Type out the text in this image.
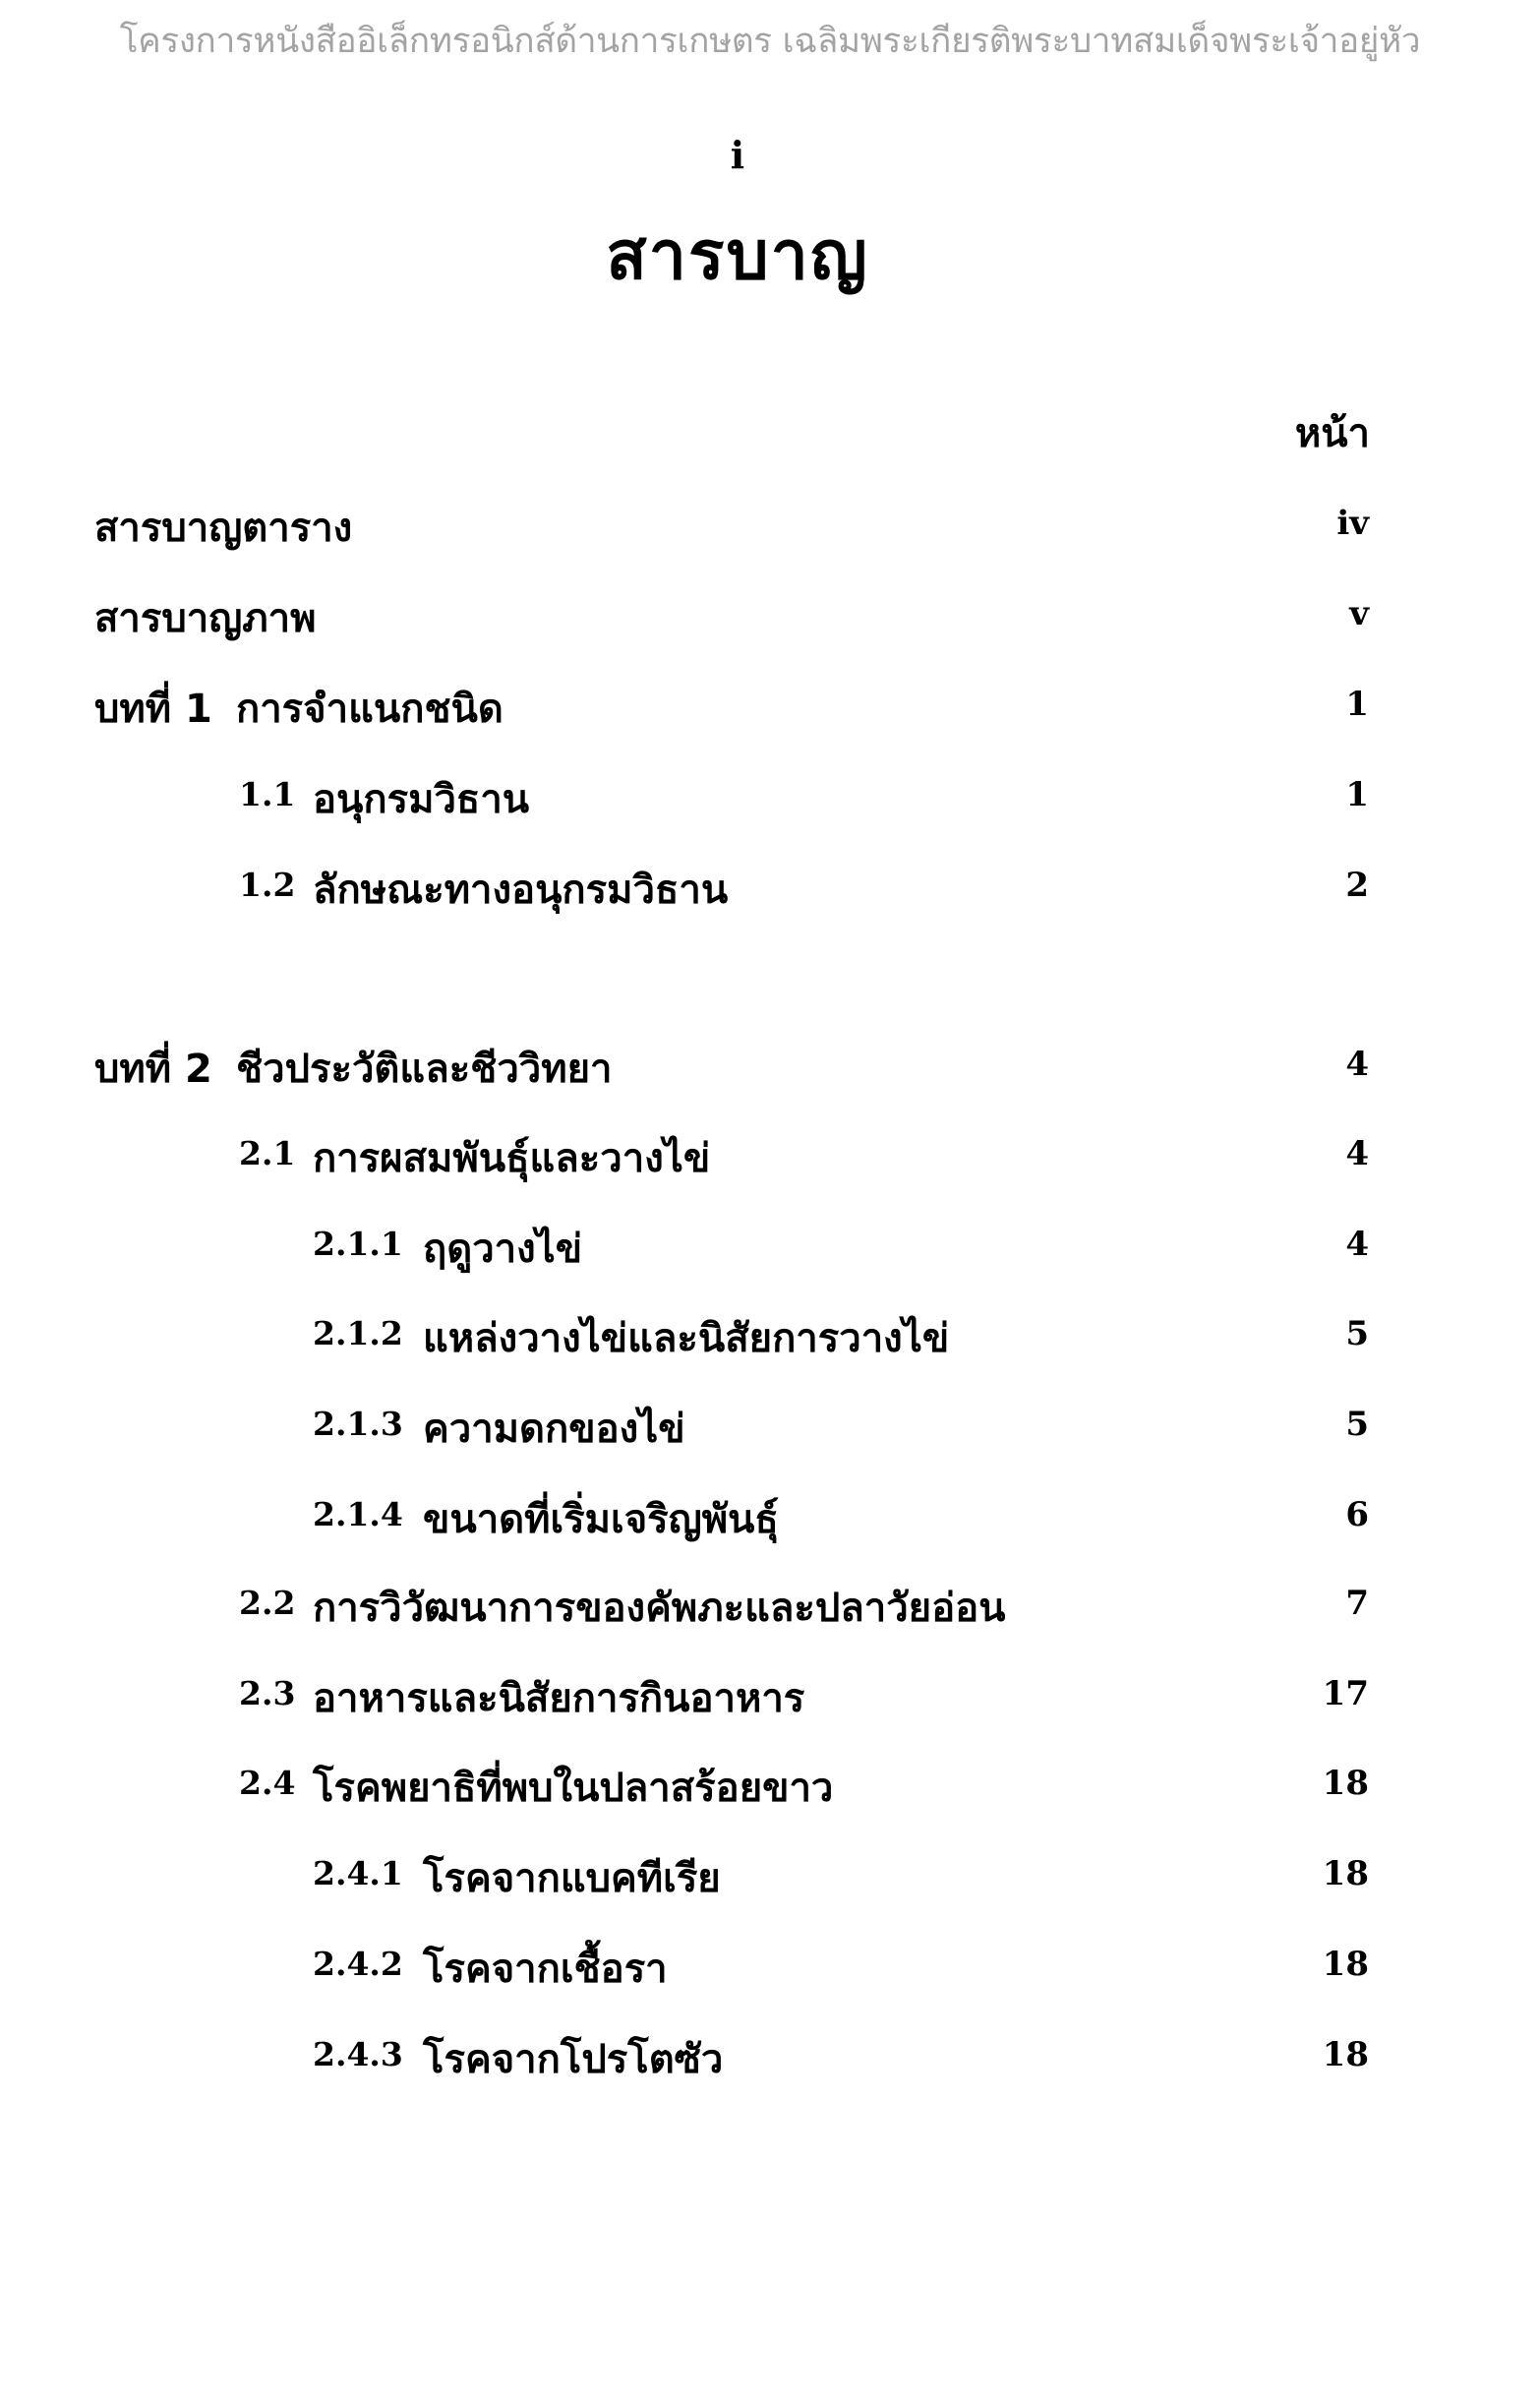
โครงการหนังสืออิเล็กทรอนิกส์ด้านการเกษตร เฉลิมพระเกียรติพระบาทสมเด็จพระเจ้าอยู่หัว
i
สารบาญ
หน้า
สารบาญตาราง	iv
สารบาญภาพ	v
บทที่ 1 การจำแนกชนิด	1
1.1 อนุกรมวิธาน	1
1.2 ลักษณะทางอนุกรมวิธาน	2
บทที่ 2 ชีวประวัติและชีววิทยา	4
2.1 การผสมพันธุ์และวางไข่	4
2.1.1 ฤดูวางไข่	4
2.1.2 แหล่งวางไข่และนิสัยการวางไข่	5
2.1.3 ความดกของไข่	5
2.1.4 ขนาดที่เริ่มเจริญพันธุ์	6
2.2 การวิวัฒนาการของคัพภะและปลาวัยอ่อน	7
2.3 อาหารและนิสัยการกินอาหาร	17
2.4 โรคพยาธิที่พบในปลาสร้อยขาว	18
2.4.1 โรคจากแบคทีเรีย	18
2.4.2 โรคจากเชื้อรา	18
2.4.3 โรคจากโปรโตซัว	18
